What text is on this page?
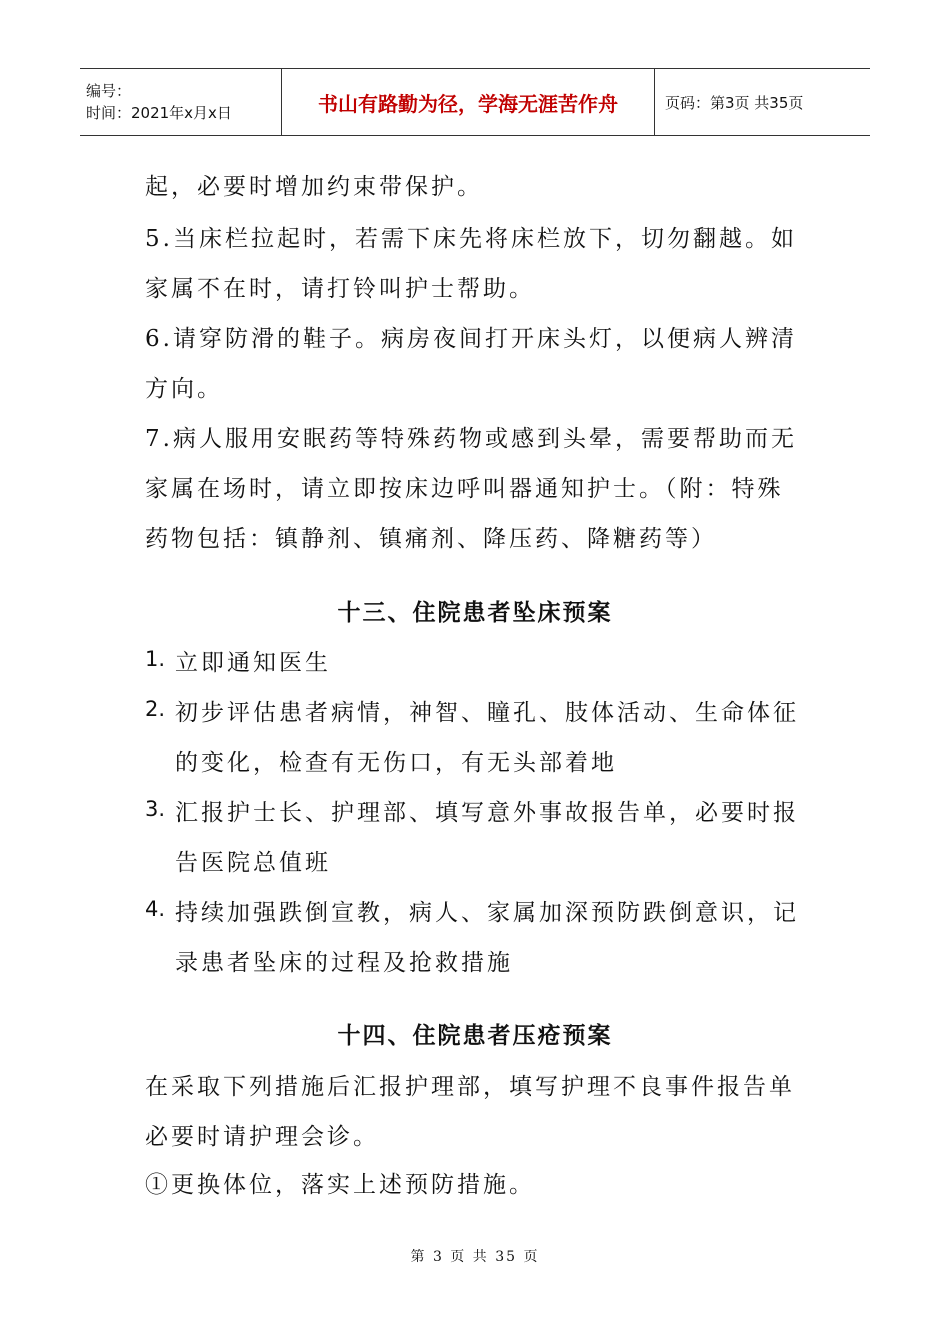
编号：
时间：2021年x月x日	书山有路勤为径，学海无涯苦作舟	页码：第3页 共35页
起，必要时增加约束带保护。
5.当床栏拉起时，若需下床先将床栏放下，切勿翻越。如
家属不在时，请打铃叫护士帮助。
6.请穿防滑的鞋子。病房夜间打开床头灯，以便病人辨清
方向。
7.病人服用安眠药等特殊药物或感到头晕，需要帮助而无
家属在场时，请立即按床边呼叫器通知护士。（附：特殊
药物包括：镇静剂、镇痛剂、降压药、降糖药等）
十三、住院患者坠床预案
1. 立即通知医生
2. 初步评估患者病情，神智、瞳孔、肢体活动、生命体征
的变化，检查有无伤口，有无头部着地
3. 汇报护士长、护理部、填写意外事故报告单，必要时报
告医院总值班
4. 持续加强跌倒宣教，病人、家属加深预防跌倒意识，记
录患者坠床的过程及抢救措施
十四、住院患者压疮预案
在采取下列措施后汇报护理部，填写护理不良事件报告单
必要时请护理会诊。
①更换体位，落实上述预防措施。
第 3 页 共 35 页
